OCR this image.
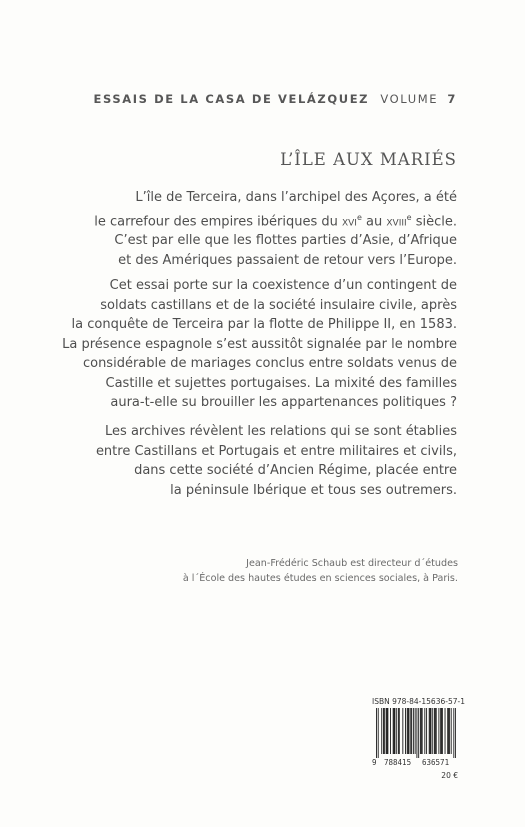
ESSAIS DE LA CASA DE VELÁZQUEZ VOLUME 7
L’ÎLE AUX MARIÉS
L’île de Terceira, dans l’archipel des Açores, a été
le carrefour des empires ibériques du xvi$^e$ au xviii$^e$ siècle.
C’est par elle que les flottes parties d’Asie, d’Afrique
et des Amériques passaient de retour vers l’Europe.
Cet essai porte sur la coexistence d’un contingent de
soldats castillans et de la société insulaire civile, après
la conquête de Terceira par la flotte de Philippe II, en 1583.
La présence espagnole s’est aussitôt signalée par le nombre
considérable de mariages conclus entre soldats venus de
Castille et sujettes portugaises. La mixité des familles
aura-t-elle su brouiller les appartenances politiques ?
Les archives révèlent les relations qui se sont établies
entre Castillans et Portugais et entre militaires et civils,
dans cette société d’Ancien Régime, placée entre
la péninsule Ibérique et tous ses outremers.
Jean-Frédéric Schaub est directeur d´études
à l´École des hautes études en sciences sociales, à Paris.
ISBN 978-84-15636-57-1
9 788415 636571
20 €
